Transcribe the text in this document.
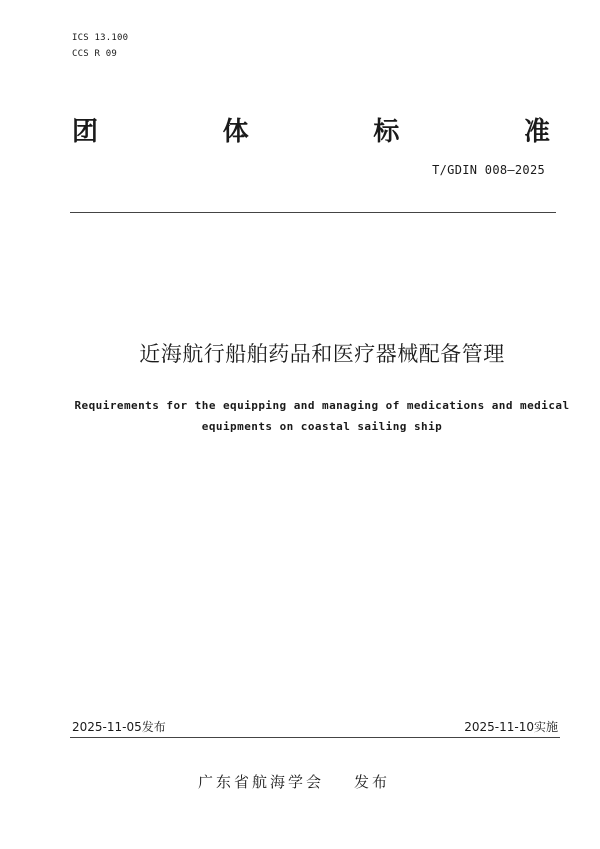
ICS 13.100
CCS R 09
团	体	标	准
T/GDIN 008—2025
近海航行船舶药品和医疗器械配备管理
Requirements for the equipping and managing of medications and medical
equipments on coastal sailing ship
2025-11-05发布	2025-11-10实施
广东省航海学会 发布
